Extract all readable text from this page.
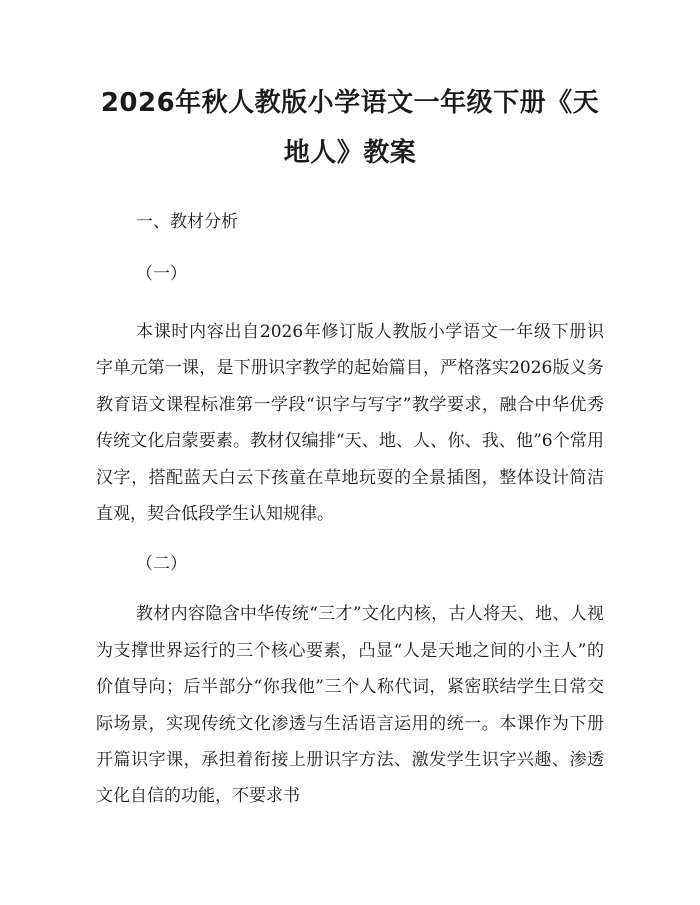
2026年秋人教版小学语文一年级下册《天地人》教案

一、教材分析

（一）

本课时内容出自2026年修订版人教版小学语文一年级下册识字单元第一课，是下册识字教学的起始篇目，严格落实2026版义务教育语文课程标准第一学段“识字与写字”教学要求，融合中华优秀传统文化启蒙要素。教材仅编排“天、地、人、你、我、他”6个常用汉字，搭配蓝天白云下孩童在草地玩耍的全景插图，整体设计简洁直观，契合低段学生认知规律。

（二）

教材内容隐含中华传统“三才”文化内核，古人将天、地、人视为支撑世界运行的三个核心要素，凸显“人是天地之间的小主人”的价值导向；后半部分“你我他”三个人称代词，紧密联结学生日常交际场景，实现传统文化渗透与生活语言运用的统一。本课作为下册开篇识字课，承担着衔接上册识字方法、激发学生识字兴趣、渗透文化自信的功能，不要求书
